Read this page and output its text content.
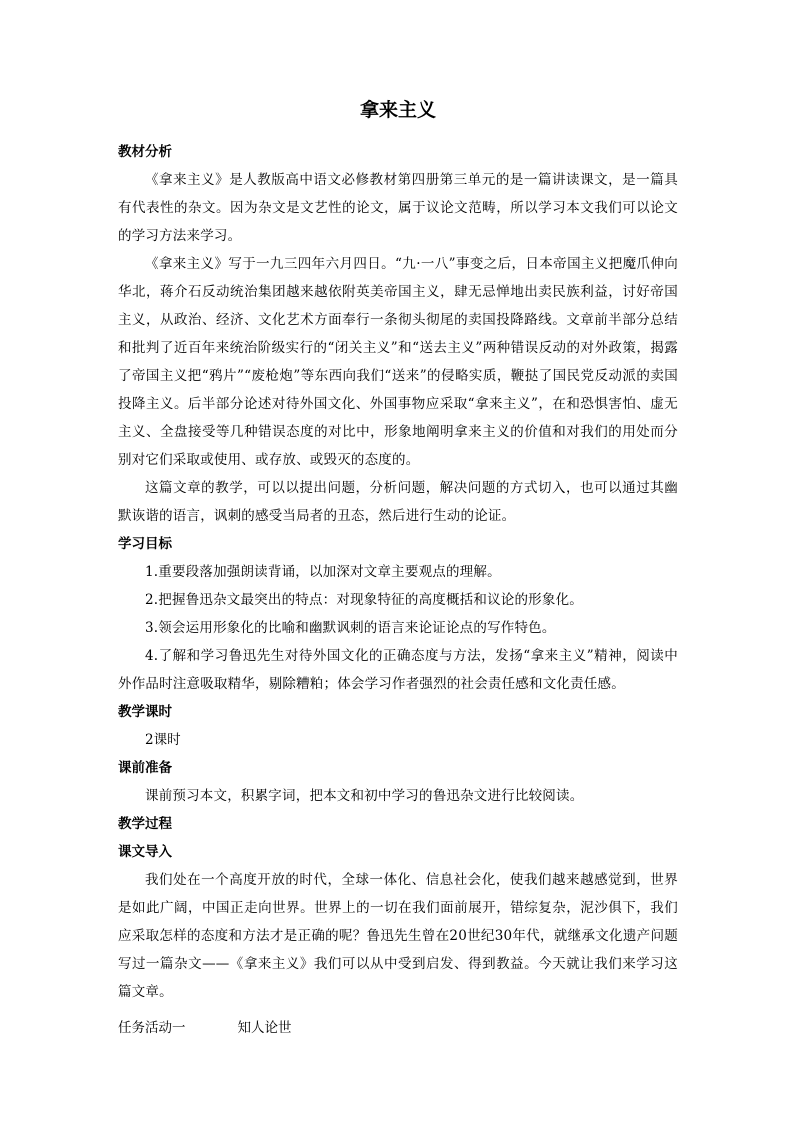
拿来主义

教材分析

《拿来主义》是人教版高中语文必修教材第四册第三单元的是一篇讲读课文，是一篇具有代表性的杂文。因为杂文是文艺性的论文，属于议论文范畴，所以学习本文我们可以论文的学习方法来学习。

《拿来主义》写于一九三四年六月四日。“九·一八”事变之后，日本帝国主义把魔爪伸向华北，蒋介石反动统治集团越来越依附英美帝国主义，肆无忌惮地出卖民族利益，讨好帝国主义，从政治、经济、文化艺术方面奉行一条彻头彻尾的卖国投降路线。文章前半部分总结和批判了近百年来统治阶级实行的“闭关主义”和“送去主义”两种错误反动的对外政策，揭露了帝国主义把“鸦片”“废枪炮”等东西向我们“送来”的侵略实质，鞭挞了国民党反动派的卖国投降主义。后半部分论述对待外国文化、外国事物应采取“拿来主义”，在和恐惧害怕、虚无主义、全盘接受等几种错误态度的对比中，形象地阐明拿来主义的价值和对我们的用处而分别对它们采取或使用、或存放、或毁灭的态度的。

这篇文章的教学，可以以提出问题，分析问题，解决问题的方式切入，也可以通过其幽默诙谐的语言，讽刺的感受当局者的丑态，然后进行生动的论证。

学习目标

1.重要段落加强朗读背诵，以加深对文章主要观点的理解。

2.把握鲁迅杂文最突出的特点：对现象特征的高度概括和议论的形象化。

3.领会运用形象化的比喻和幽默讽刺的语言来论证论点的写作特色。

4.了解和学习鲁迅先生对待外国文化的正确态度与方法，发扬“拿来主义”精神，阅读中外作品时注意吸取精华，剔除糟粕；体会学习作者强烈的社会责任感和文化责任感。

教学课时

2课时

课前准备

课前预习本文，积累字词，把本文和初中学习的鲁迅杂文进行比较阅读。

教学过程

课文导入

我们处在一个高度开放的时代，全球一体化、信息社会化，使我们越来越感觉到，世界是如此广阔，中国正走向世界。世界上的一切在我们面前展开，错综复杂，泥沙俱下，我们应采取怎样的态度和方法才是正确的呢？鲁迅先生曾在20世纪30年代，就继承文化遗产问题写过一篇杂文——《拿来主义》我们可以从中受到启发、得到教益。今天就让我们来学习这篇文章。

任务活动一	知人论世
